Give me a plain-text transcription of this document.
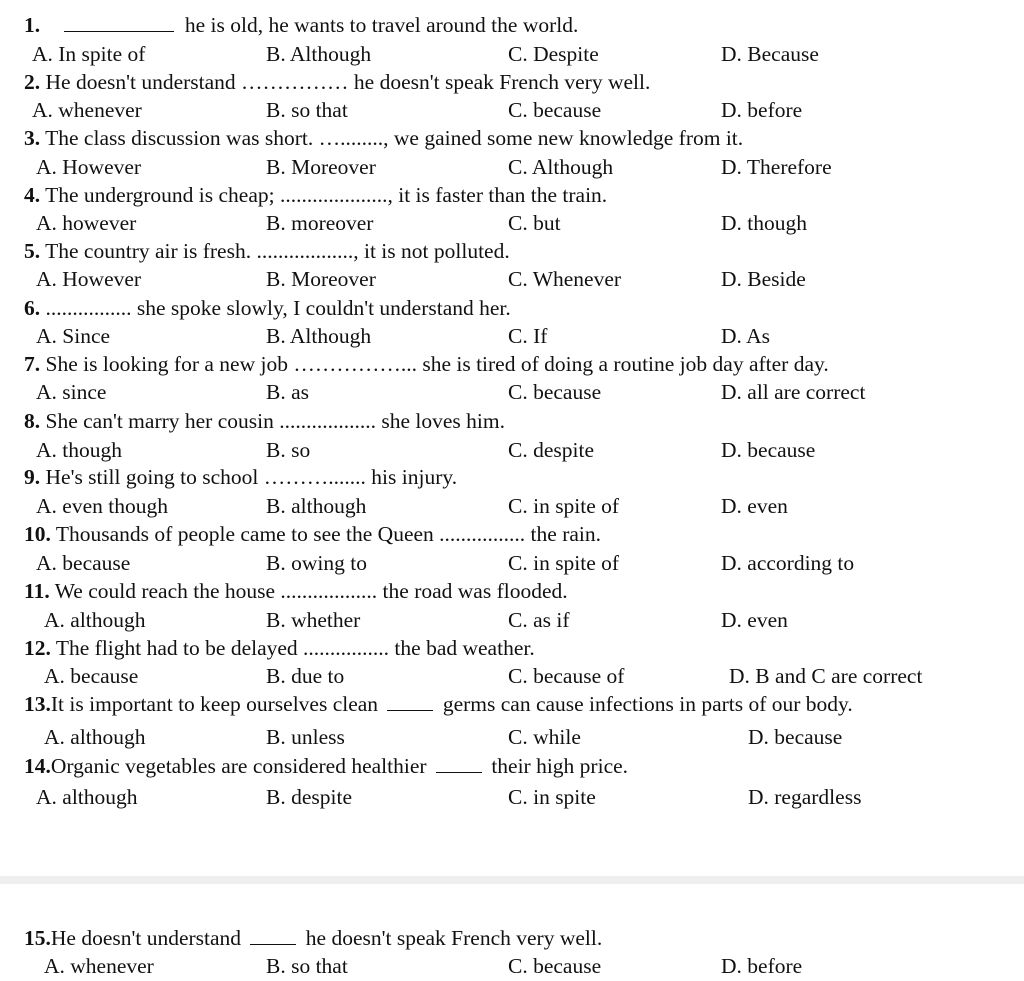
1.	he is old, he wants to travel around the world.
A. In spite of	B. Although	C. Despite	D. Because
2. He doesn't understand …………… he doesn't speak French very well.
A. whenever	B. so that	C. because	D. before
3. The class discussion was short. …........, we gained some new knowledge from it.
A. However	B. Moreover	C. Although	D. Therefore
4. The underground is cheap; ...................., it is faster than the train.
A. however	B. moreover	C. but	D. though
5. The country air is fresh. .................., it is not polluted.
A. However	B. Moreover	C. Whenever	D. Beside
6. ................ she spoke slowly, I couldn't understand her.
A. Since	B. Although	C. If	D. As
7. She is looking for a new job ……………... she is tired of doing a routine job day after day.
A. since	B. as	C. because	D. all are correct
8. She can't marry her cousin .................. she loves him.
A. though	B. so	C. despite	D. because
9. He's still going to school ………....... his injury.
A. even though	B. although	C. in spite of	D. even
10. Thousands of people came to see the Queen ................ the rain.
A. because	B. owing to	C. in spite of	D. according to
11. We could reach the house .................. the road was flooded.
A. although	B. whether	C. as if	D. even
12. The flight had to be delayed ................ the bad weather.
A. because	B. due to	C. because of	D. B and C are correct
13.It is important to keep ourselves clean	germs can cause infections in parts of our body.
A. although	B. unless	C. while	D. because
14.Organic vegetables are considered healthier	their high price.
A. although	B. despite	C. in spite	D. regardless
15.He doesn't understand	he doesn't speak French very well.
A. whenever	B. so that	C. because	D. before
